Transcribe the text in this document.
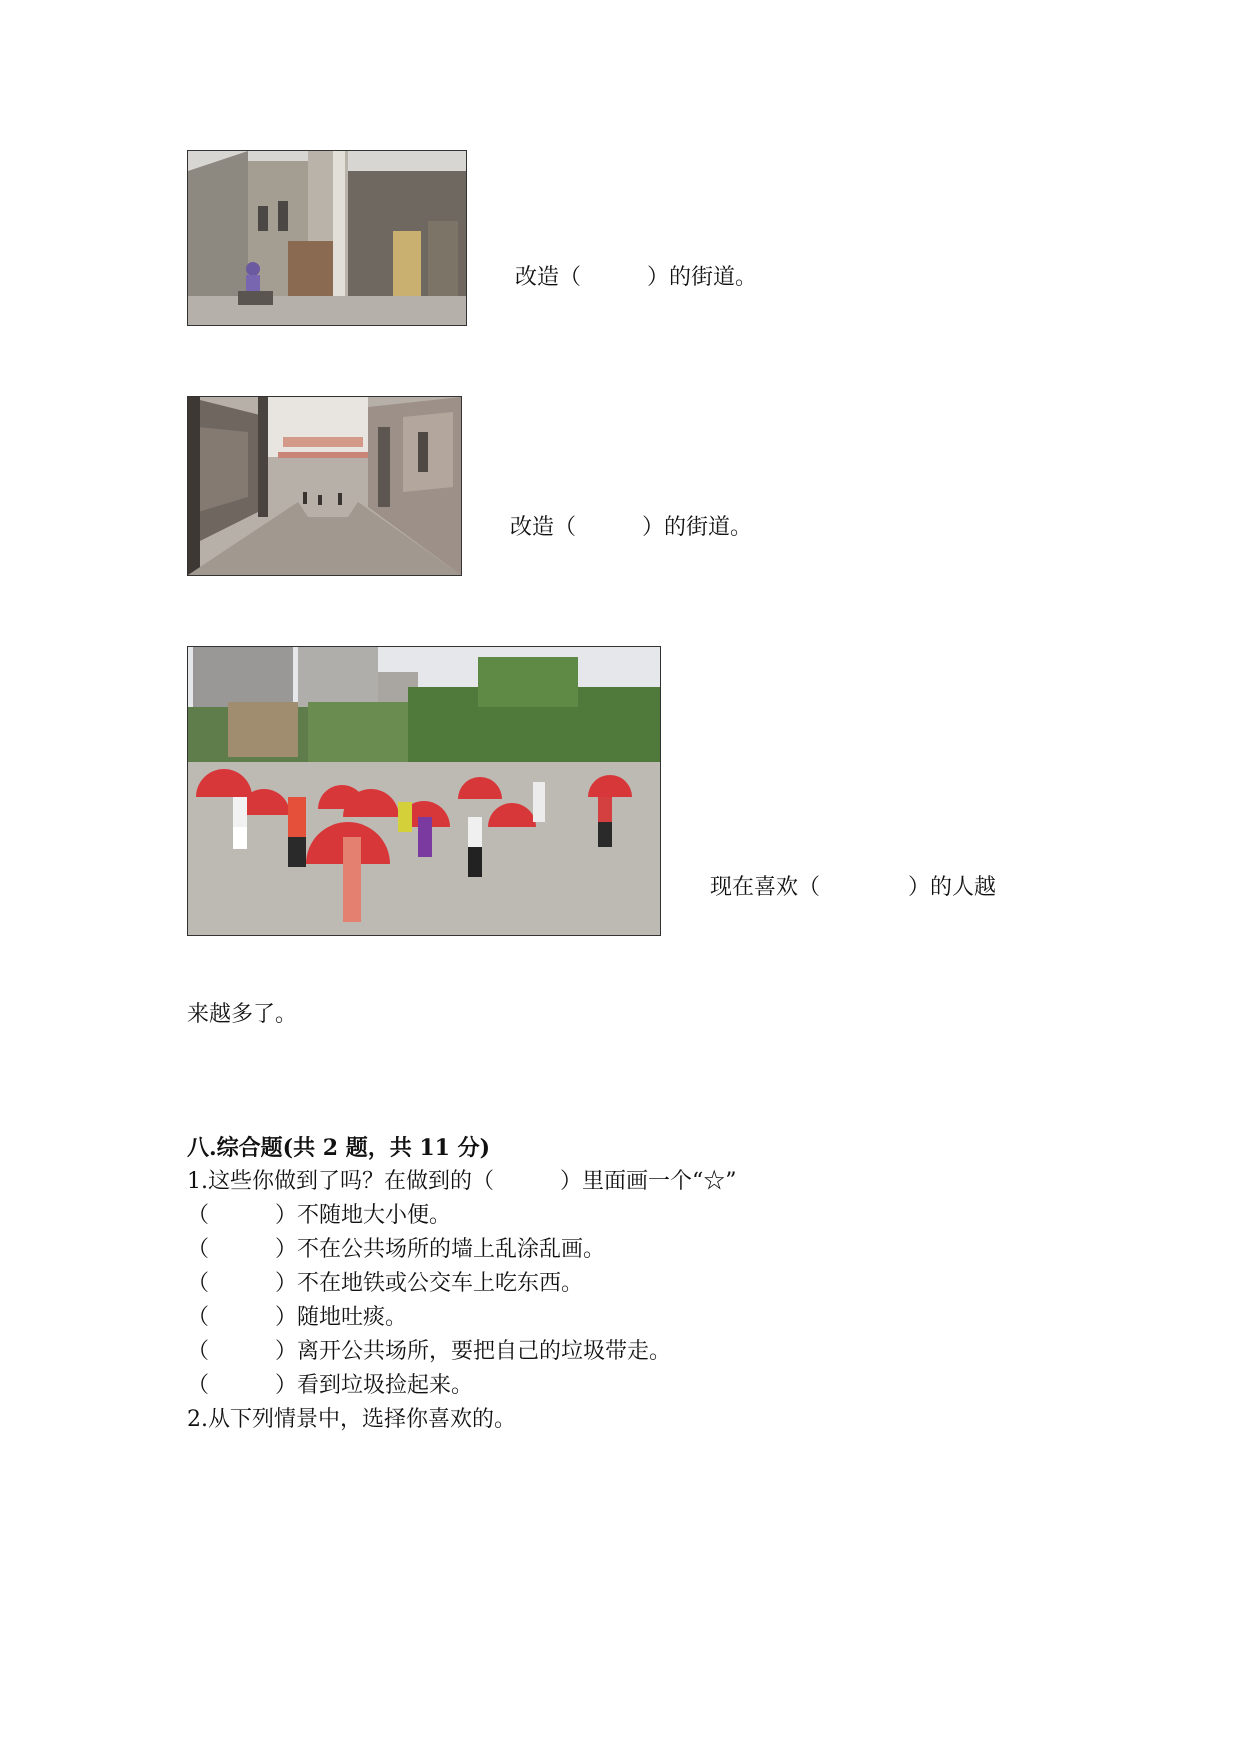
改造（　　　）的街道。
改造（　　　）的街道。
现在喜欢（　　　　）的人越
来越多了。
八.综合题(共 2 题，共 11 分)
1.这些你做到了吗？在做到的（　　　）里面画一个“☆”
（　　　）不随地大小便。
（　　　）不在公共场所的墙上乱涂乱画。
（　　　）不在地铁或公交车上吃东西。
（　　　）随地吐痰。
（　　　）离开公共场所，要把自己的垃圾带走。
（　　　）看到垃圾捡起来。
2.从下列情景中，选择你喜欢的。
